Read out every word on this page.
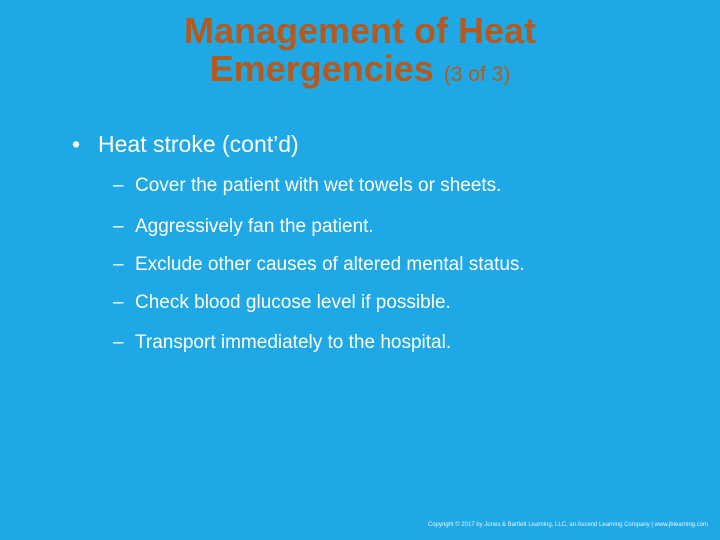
Management of Heat
Emergencies (3 of 3)
• Heat stroke (cont’d)
– Cover the patient with wet towels or sheets.
– Aggressively fan the patient.
– Exclude other causes of altered mental status.
– Check blood glucose level if possible.
– Transport immediately to the hospital.
Copyright © 2017 by Jones & Bartlett Learning, LLC, an Ascend Learning Company | www.jblearning.com
